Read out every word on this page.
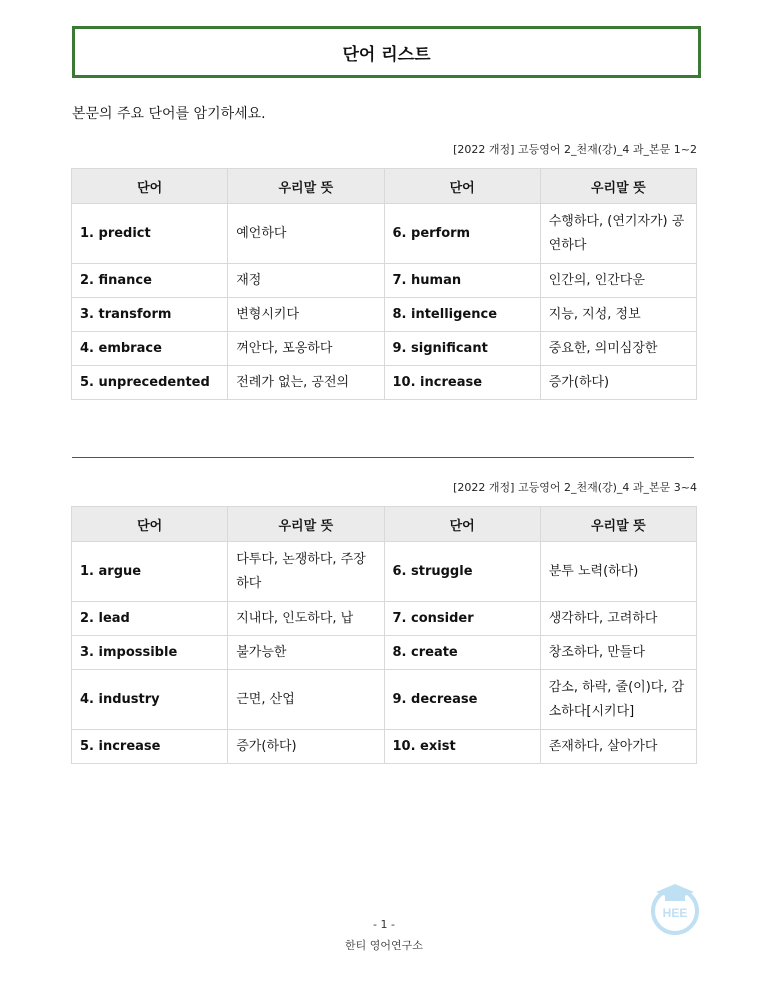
단어 리스트
본문의 주요 단어를 암기하세요.
[2022 개정] 고등영어 2_천재(강)_4 과_본문 1~2
단어	우리말 뜻	단어	우리말 뜻
1. predict	예언하다	6. perform	수행하다, (연기자가) 공연하다
2. finance	재정	7. human	인간의, 인간다운
3. transform	변형시키다	8. intelligence	지능, 지성, 정보
4. embrace	껴안다, 포옹하다	9. significant	중요한, 의미심장한
5. unprecedented	전례가 없는, 공전의	10. increase	증가(하다)
[2022 개정] 고등영어 2_천재(강)_4 과_본문 3~4
단어	우리말 뜻	단어	우리말 뜻
1. argue	다투다, 논쟁하다, 주장하다	6. struggle	분투 노력(하다)
2. lead	지내다, 인도하다, 납	7. consider	생각하다, 고려하다
3. impossible	불가능한	8. create	창조하다, 만들다
4. industry	근면, 산업	9. decrease	감소, 하락, 줄(이)다, 감소하다[시키다]
5. increase	증가(하다)	10. exist	존재하다, 살아가다
HEE
- 1 -
한티 영어연구소
